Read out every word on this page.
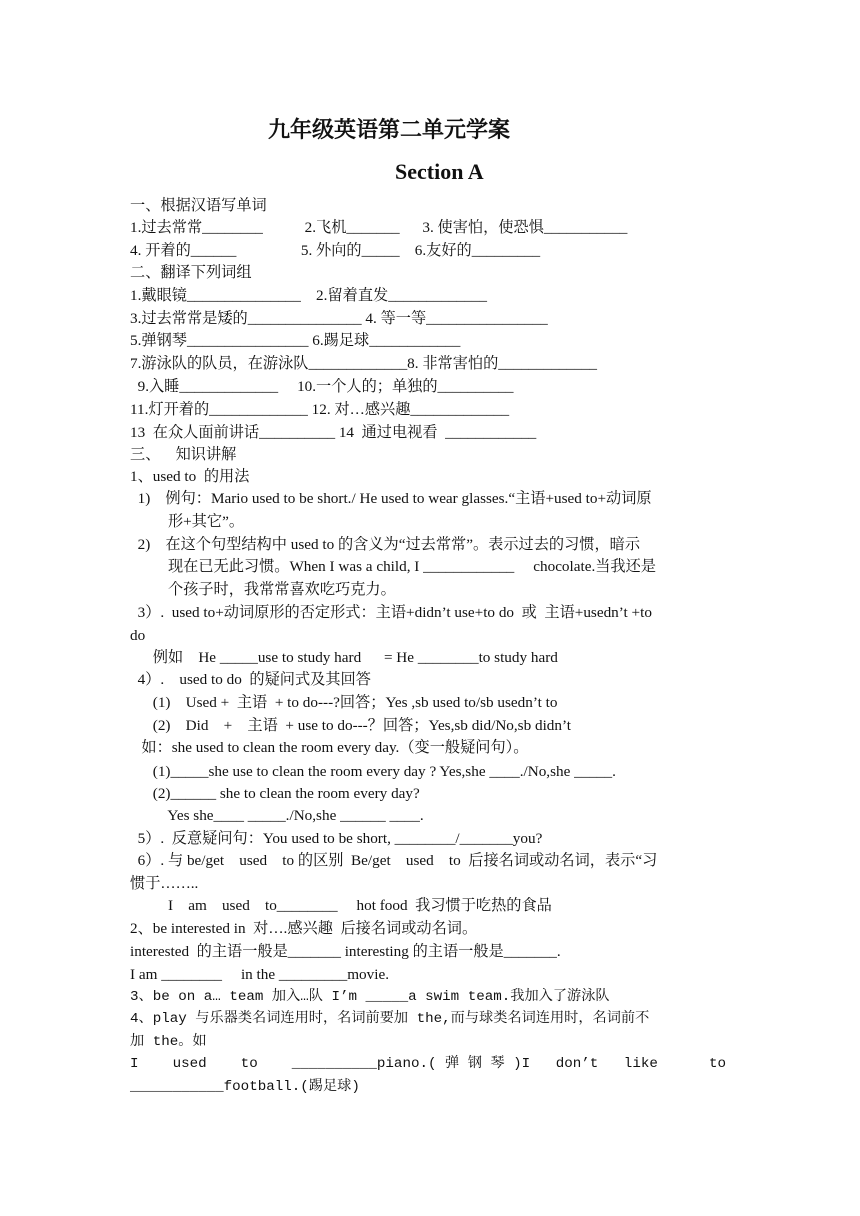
九年级英语第二单元学案
Section A
一、根据汉语写单词
1.过去常常________           2.飞机_______      3. 使害怕，使恐惧___________
4. 开着的______                 5. 外向的_____    6.友好的_________
二、翻译下列词组
1.戴眼镜_______________    2.留着直发_____________
3.过去常常是矮的_______________ 4. 等一等________________
5.弹钢琴________________ 6.踢足球____________
7.游泳队的队员，在游泳队_____________8. 非常害怕的_____________
9.入睡_____________     10.一个人的；单独的__________
11.灯开着的_____________ 12. 对…感兴趣_____________
13  在众人面前讲话__________ 14  通过电视看  ____________
三、    知识讲解
1、used to  的用法
1)    例句：Mario used to be short./ He used to wear glasses.“主语+used to+动词原
形+其它”。
2)    在这个句型结构中 used to 的含义为“过去常常”。表示过去的习惯，暗示
现在已无此习惯。When I was a child, I ____________     chocolate.当我还是
个孩子时，我常常喜欢吃巧克力。
3）.  used to+动词原形的否定形式：主语+didn’t use+to do  或  主语+usedn’t +to
do
例如    He _____use to study hard      = He ________to study hard
4）.    used to do  的疑问式及其回答
(1)    Used +  主语  + to do---?回答；Yes ,sb used to/sb usedn’t to
(2)    Did    +    主语  + use to do---？回答；Yes,sb did/No,sb didn’t
如：she used to clean the room every day.（变一般疑问句）。
(1)_____she use to clean the room every day ? Yes,she ____./No,she _____.
(2)______ she to clean the room every day?
Yes she____ _____./No,she ______ ____.
5）.  反意疑问句：You used to be short, ________/_______you?
6）. 与 be/get    used    to 的区别  Be/get    used    to  后接名词或动名词，表示“习
惯于……..
I    am    used    to________     hot food  我习惯于吃热的食品
2、be interested in  对….感兴趣  后接名词或动名词。
interested  的主语一般是_______ interesting 的主语一般是_______.
I am ________     in the _________movie.
3、be on a… team 加入…队 I’m _____a swim team.我加入了游泳队
4、play 与乐器类名词连用时，名词前要加 the,而与球类名词连用时，名词前不
加 the。如
I    used    to    __________piano.( 弹 钢 琴 )I   don’t   like      to
___________football.(踢足球)
